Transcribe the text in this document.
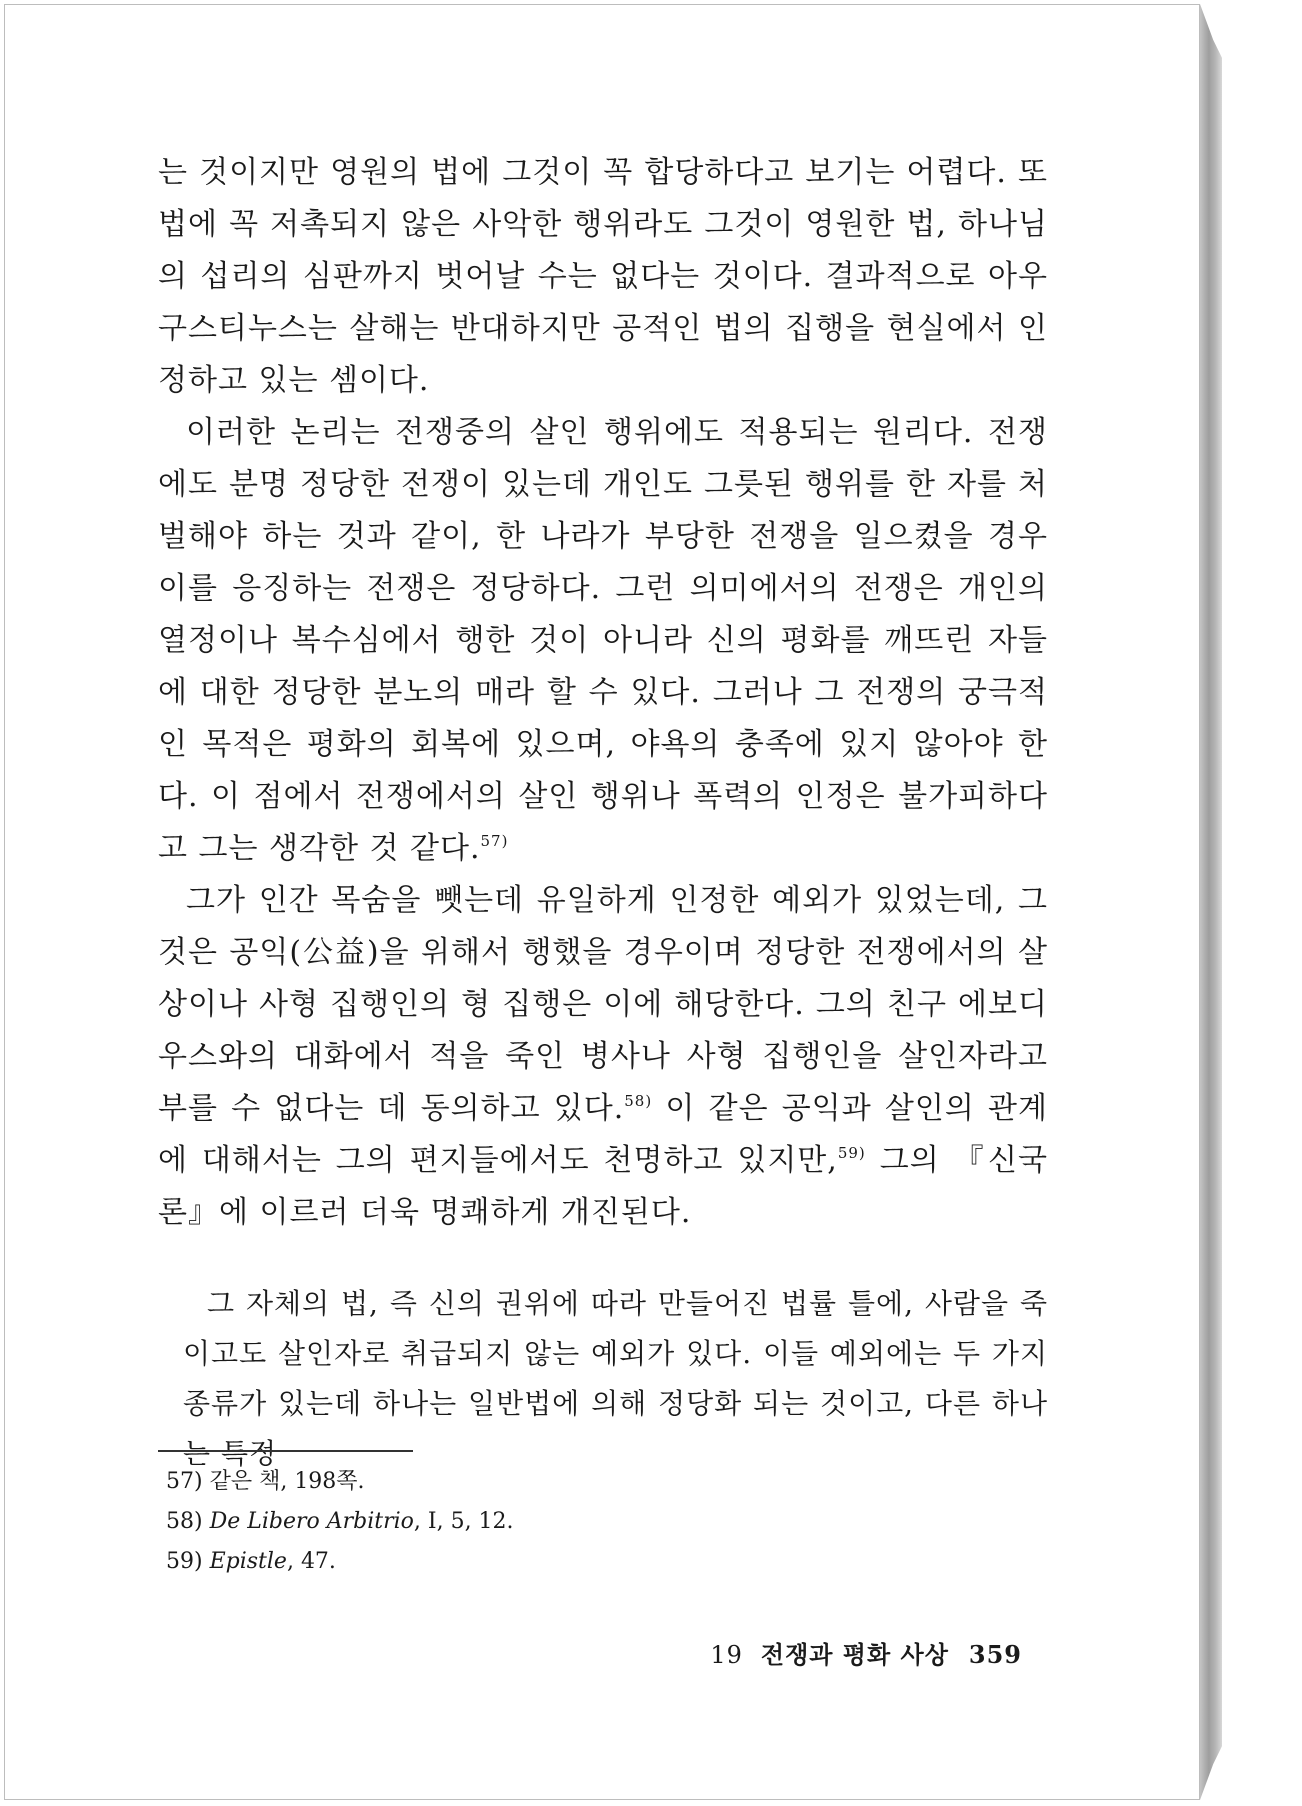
는 것이지만 영원의 법에 그것이 꼭 합당하다고 보기는 어렵다. 또 법에 꼭 저촉되지 않은 사악한 행위라도 그것이 영원한 법, 하나님의 섭리의 심판까지 벗어날 수는 없다는 것이다. 결과적으로 아우구스티누스는 살해는 반대하지만 공적인 법의 집행을 현실에서 인정하고 있는 셈이다.

이러한 논리는 전쟁중의 살인 행위에도 적용되는 원리다. 전쟁에도 분명 정당한 전쟁이 있는데 개인도 그릇된 행위를 한 자를 처벌해야 하는 것과 같이, 한 나라가 부당한 전쟁을 일으켰을 경우 이를 응징하는 전쟁은 정당하다. 그런 의미에서의 전쟁은 개인의 열정이나 복수심에서 행한 것이 아니라 신의 평화를 깨뜨린 자들에 대한 정당한 분노의 매라 할 수 있다. 그러나 그 전쟁의 궁극적인 목적은 평화의 회복에 있으며, 야욕의 충족에 있지 않아야 한다. 이 점에서 전쟁에서의 살인 행위나 폭력의 인정은 불가피하다고 그는 생각한 것 같다.$^{57)}$

그가 인간 목숨을 뺏는데 유일하게 인정한 예외가 있었는데, 그것은 공익(公益)을 위해서 행했을 경우이며 정당한 전쟁에서의 살상이나 사형 집행인의 형 집행은 이에 해당한다. 그의 친구 에보디우스와의 대화에서 적을 죽인 병사나 사형 집행인을 살인자라고 부를 수 없다는 데 동의하고 있다.$^{58)}$ 이 같은 공익과 살인의 관계에 대해서는 그의 편지들에서도 천명하고 있지만,$^{59)}$ 그의 『신국론』에 이르러 더욱 명쾌하게 개진된다.

그 자체의 법, 즉 신의 권위에 따라 만들어진 법률 틀에, 사람을 죽이고도 살인자로 취급되지 않는 예외가 있다. 이들 예외에는 두 가지 종류가 있는데 하나는 일반법에 의해 정당화 되는 것이고, 다른 하나는 특정

57) 같은 책, 198쪽.
58) De Libero Arbitrio, Ⅰ, 5, 12.
59) Epistle, 47.
19 전쟁과 평화 사상 359
